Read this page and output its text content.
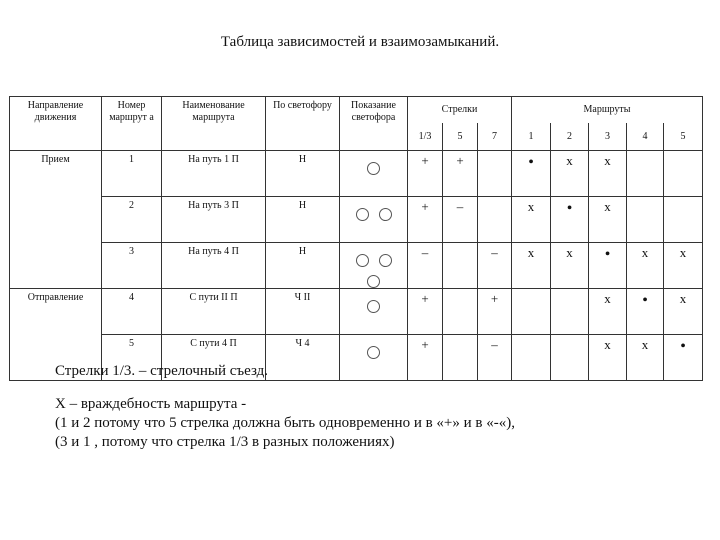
Таблица зависимостей и взаимозамыканий.
Направление движения	Номер маршрут а	Наименование маршрута	По светофору	Показание светофора	Стрелки			Маршруты				
					1/3	5	7	1	2	3	4	5
Прием	1	На путь 1 П	Н		+	+		•	x	x		
	2	На путь 3 П	Н		+	–		x	•	x		
	3	На путь 4 П	Н		–		–	x	x	•	x	x
Отправление	4	С пути II П	Ч II		+		+			x	•	x
	5	С пути 4 П	Ч 4		+		–			x	x	•

Стрелки 1/3. – стрелочный съезд.

X – враждебность маршрута -

(1 и 2 потому что 5 стрелка должна быть одновременно и в «+» и в «-«),

(3 и 1 , потому что стрелка 1/3 в разных положениях)
